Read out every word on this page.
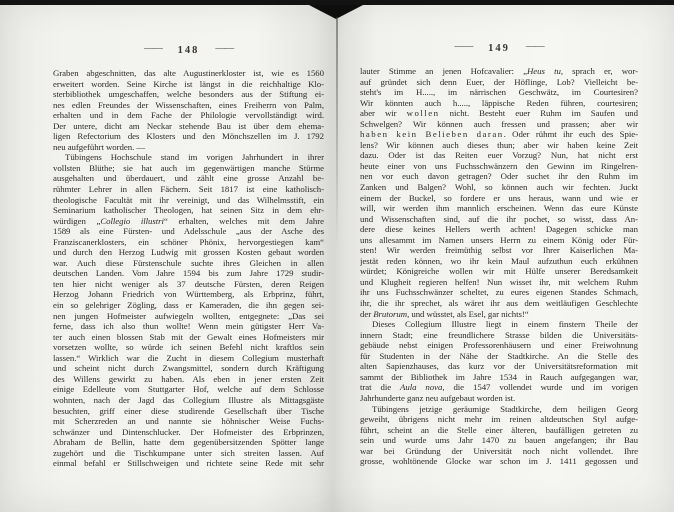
—— 148 ——
Graben abgeschnitten, das alte Augustinerkloster ist, wie es 1560
erweitert worden. Seine Kirche ist längst in die reichhaltige Klo-
sterbibliothek umgeschaffen, welche besonders aus der Stiftung ei-
nes edlen Freundes der Wissenschaften, eines Freiherrn von Palm,
erhalten und in dem Fache der Philologie vervollständigt wird.
Der untere, dicht am Neckar stehende Bau ist über dem ehema-
ligen Refectorium des Klosters und den Mönchszellen im J. 1792
neu aufgeführt worden. —
Tübingens Hochschule stand im vorigen Jahrhundert in ihrer
vollsten Blüthe; sie hat auch im gegenwärtigen manche Stürme
ausgehalten und überdauert, und zählt eine grosse Anzahl be-
rühmter Lehrer in allen Fächern. Seit 1817 ist eine katholisch-
theologische Facultät mit ihr vereinigt, und das Wilhelmsstift, ein
Seminarium katholischer Theologen, hat seinen Sitz in dem ehr-
würdigen „Collegio illustri“ erhalten, welches mit dem Jahre
1589 als eine Fürsten- und Adelsschule „aus der Asche des
Franziscanerklosters, ein schöner Phönix, hervorgestiegen kam“
und durch den Herzog Ludwig mit grossen Kosten gebaut worden
war. Auch diese Fürstenschule suchte ihres Gleichen in allen
deutschen Landen. Vom Jahre 1594 bis zum Jahre 1729 studir-
ten hier nicht weniger als 37 deutsche Fürsten, deren Reigen
Herzog Johann Friedrich von Württemberg, als Erbprinz, führt,
ein so gelehriger Zögling, dass er Kameraden, die ihn gegen sei-
nen jungen Hofmeister aufwiegeln wollten, entgegnete: „Das sei
ferne, dass ich also thun wollte! Wenn mein gütigster Herr Va-
ter auch einen blossen Stab mit der Gewalt eines Hofmeisters mir
vorsetzen wollte, so würde ich seinen Befehl nicht kraftlos sein
lassen.“ Wirklich war die Zucht in diesem Collegium musterhaft
und scheint nicht durch Zwangsmittel, sondern durch Kräftigung
des Willens gewirkt zu haben. Als eben in jener ersten Zeit
einige Edelleute vom Stuttgarter Hof, welche auf dem Schlosse
wohnten, nach der Jagd das Collegium Illustre als Mittagsgäste
besuchten, griff einer diese studirende Gesellschaft über Tische
mit Scherzreden an und nannte sie höhnischer Weise Fuchs-
schwänzer und Dintenschlucker. Der Hofmeister des Erbprinzen,
Abraham de Bellin, hatte dem gegenübersitzenden Spötter lange
zugehört und die Tischkumpane unter sich streiten lassen. Auf
einmal befahl er Stillschweigen und richtete seine Rede mit sehr
—— 149 ——
lauter Stimme an jenen Hofcavalier: „Heus tu, sprach er, wor-
auf gründet sich denn Euer, der Höflinge, Lob? Vielleicht be-
steht's im H....., im närrischen Geschwätz, im Courtesiren?
Wir könnten auch h....., läppische Reden führen, courtesiren;
aber wir wollen nicht. Besteht euer Ruhm im Saufen und
Schwelgen? Wir können auch fressen und prassen; aber wir
haben kein Belieben daran. Oder rühmt ihr euch des Spie-
lens? Wir können auch dieses thun; aber wir haben keine Zeit
dazu. Oder ist das Reiten euer Vorzug? Nun, hat nicht erst
heute einer von uns Fuchsschwänzern den Gewinn im Ringelren-
nen vor euch davon getragen? Oder suchet ihr den Ruhm im
Zanken und Balgen? Wohl, so können auch wir fechten. Juckt
einem der Buckel, so fordere er uns heraus, wann und wie er
will, wir werden ihm mannlich erscheinen. Wenn das eure Künste
und Wissenschaften sind, auf die ihr pochet, so wisst, dass An-
dere diese keines Hellers werth achten! Dagegen schicke man
uns allesammt im Namen unsers Herrn zu einem König oder Für-
sten! Wir werden freimüthig selbst vor Ihrer Kaiserlichen Ma-
jestät reden können, wo ihr kein Maul aufzuthun euch erkühnen
würdet; Königreiche wollen wir mit Hülfe unserer Beredsamkeit
und Klugheit regieren helfen! Nun wisset ihr, mit welchem Ruhm
ihr uns Fuchsschwänzer scheltet, zu eures eigenen Standes Schmach,
ihr, die ihr sprechet, als wäret ihr aus dem weitläufigen Geschlechte
der Brutorum, und wüsstet, als Esel, gar nichts!“
Dieses Collegium Illustre liegt in einem finstern Theile der
innern Stadt; eine freundlichere Strasse bilden die Universitäts-
gebäude nebst einigen Professorenhäusern und einer Freiwohnung
für Studenten in der Nähe der Stadtkirche. An die Stelle des
alten Sapienzhauses, das kurz vor der Universitätsreformation mit
sammt der Bibliothek im Jahre 1534 in Rauch aufgegangen war,
trat die Aula nova, die 1547 vollendet wurde und im vorigen
Jahrhunderte ganz neu aufgebaut worden ist.
Tübingens jetzige geräumige Stadtkirche, dem heiligen Georg
geweiht, übrigens nicht mehr im reinen altdeutschen Styl aufge-
führt, scheint an die Stelle einer älteren, baufälligen getreten zu
sein und wurde ums Jahr 1470 zu bauen angefangen; ihr Bau
war bei Gründung der Universität noch nicht vollendet. Ihre
grosse, wohltönende Glocke war schon im J. 1411 gegossen und
